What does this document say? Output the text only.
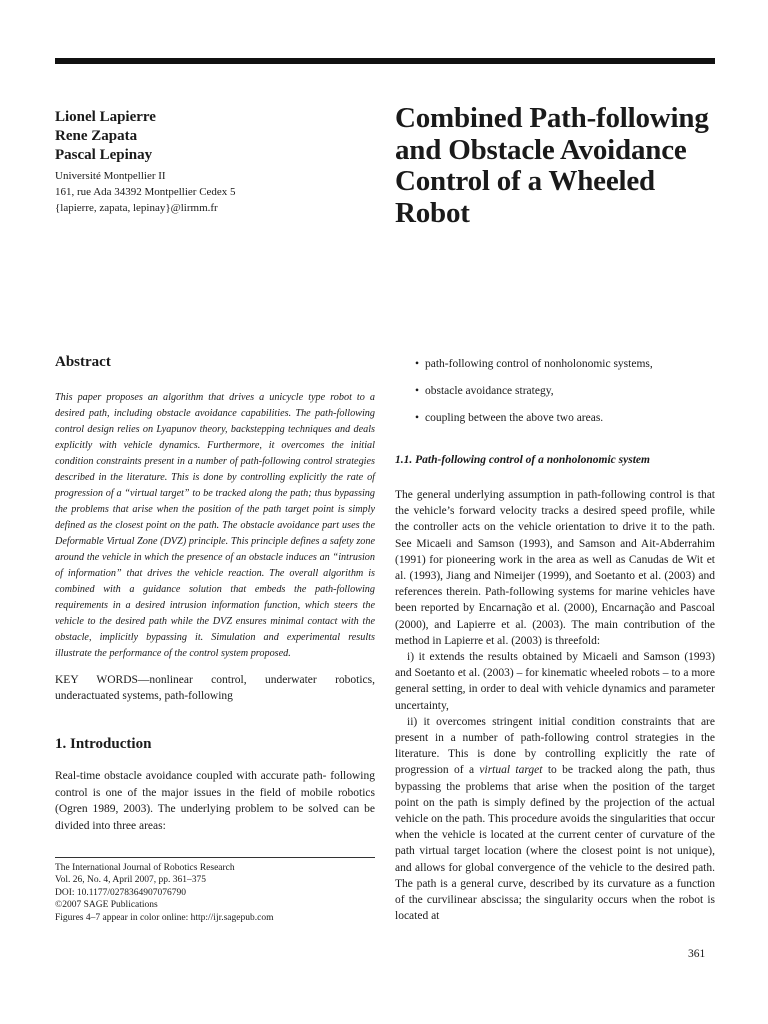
Lionel Lapierre
Rene Zapata
Pascal Lepinay
Université Montpellier II
161, rue Ada 34392 Montpellier Cedex 5
{lapierre, zapata, lepinay}@lirmm.fr
Combined Path-following and Obstacle Avoidance Control of a Wheeled Robot
Abstract

This paper proposes an algorithm that drives a unicycle type robot to a desired path, including obstacle avoidance capabilities. The path-following control design relies on Lyapunov theory, backstepping techniques and deals explicitly with vehicle dynamics. Furthermore, it overcomes the initial condition constraints present in a number of path-following control strategies described in the literature. This is done by controlling explicitly the rate of progression of a “virtual target” to be tracked along the path; thus bypassing the problems that arise when the position of the path target point is simply defined as the closest point on the path. The obstacle avoidance part uses the Deformable Virtual Zone (DVZ) principle. This principle defines a safety zone around the vehicle in which the presence of an obstacle induces an “intrusion of information” that drives the vehicle reaction. The overall algorithm is combined with a guidance solution that embeds the path-following requirements in a desired intrusion information function, which steers the vehicle to the desired path while the DVZ ensures minimal contact with the obstacle, implicitly bypassing it. Simulation and experimental results illustrate the performance of the control system proposed.

KEY WORDS—nonlinear control, underwater robotics, underactuated systems, path-following

1. Introduction

Real-time obstacle avoidance coupled with accurate path- following control is one of the major issues in the field of mobile robotics (Ogren 1989, 2003). The underlying problem to be solved can be divided into three areas:

The International Journal of Robotics Research
Vol. 26, No. 4, April 2007, pp. 361–375
DOI: 10.1177/0278364907076790
©2007 SAGE Publications
Figures 4–7 appear in color online: http://ijr.sagepub.com
• path-following control of nonholonomic systems,
• obstacle avoidance strategy,
• coupling between the above two areas.
1.1. Path-following control of a nonholonomic system

The general underlying assumption in path-following control is that the vehicle’s forward velocity tracks a desired speed profile, while the controller acts on the vehicle orientation to drive it to the path. See Micaeli and Samson (1993), and Samson and Ait-Abderrahim (1991) for pioneering work in the area as well as Canudas de Wit et al. (1993), Jiang and Nimeijer (1999), and Soetanto et al. (2003) and references therein. Path-following systems for marine vehicles have been reported by Encarnação et al. (2000), Encarnação and Pascoal (2000), and Lapierre et al. (2003). The main contribution of the method in Lapierre et al. (2003) is threefold:

i) it extends the results obtained by Micaeli and Samson (1993) and Soetanto et al. (2003) – for kinematic wheeled robots – to a more general setting, in order to deal with vehicle dynamics and parameter uncertainty,

ii) it overcomes stringent initial condition constraints that are present in a number of path-following control strategies in the literature. This is done by controlling explicitly the rate of progression of a virtual target to be tracked along the path, thus bypassing the problems that arise when the position of the target point on the path is simply defined by the projection of the actual vehicle on the path. This procedure avoids the singularities that occur when the vehicle is located at the current center of curvature of the path virtual target location (where the closest point is not unique), and allows for global convergence of the vehicle to the desired path. The path is a general curve, described by its curvature as a function of the curvilinear abscissa; the singularity occurs when the robot is located at

361
